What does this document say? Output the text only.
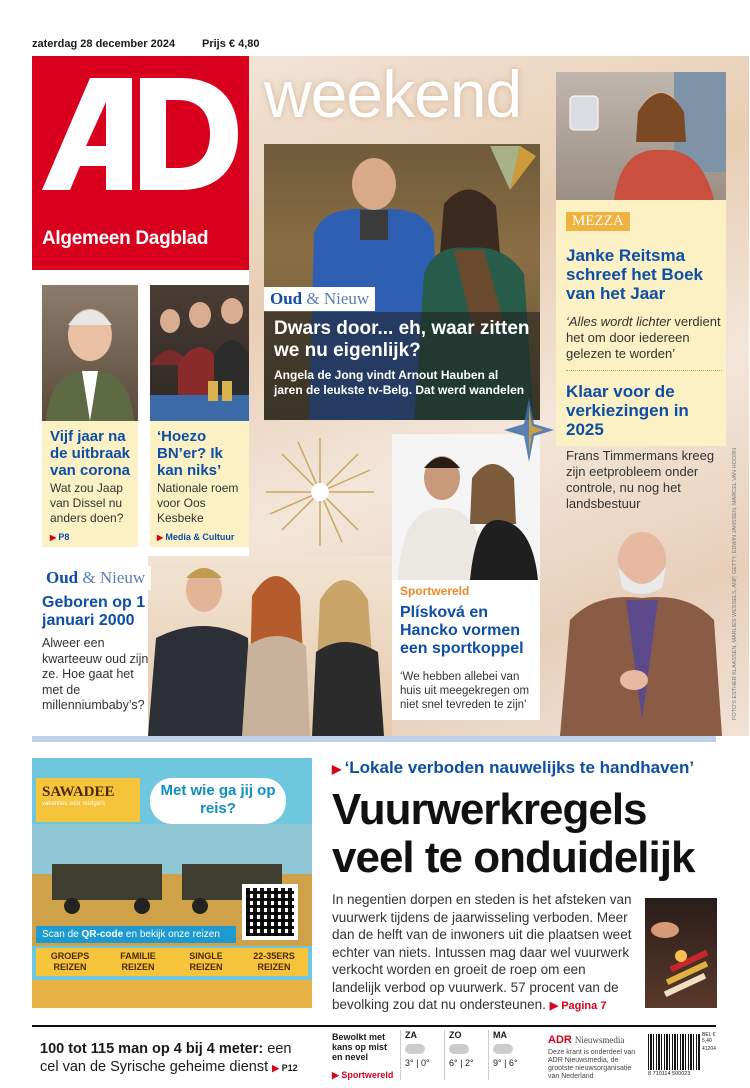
zaterdag 28 december 2024 Prijs € 4,80
Algemeen Dagblad
weekend
Oud & Nieuw
Dwars door... eh, waar zitten we nu eigenlijk?
Angela de Jong vindt Arnout Hauben al jaren de leukste tv-Belg. Dat werd wandelen
MEZZA
Janke Reitsma schreef het Boek van het Jaar
‘Alles wordt lichter verdient het om door iedereen gelezen te worden’
Klaar voor de verkiezingen in 2025
Frans Timmermans kreeg zijn eetprobleem onder controle, nu nog het landsbestuur
Vijf jaar na de uitbraak van corona
Wat zou Jaap van Dissel nu anders doen?
▶ P8
‘Hoezo BN’er? Ik kan niks’
Nationale roem voor Oos Kesbeke
▶ Media & Cultuur
Sportwereld
Plísková en Hancko vormen een sportkoppel
‘We hebben allebei van huis uit meegekregen om niet snel tevreden te zijn’
Oud & Nieuw
Geboren op 1 januari 2000
Alweer een kwarteeuw oud zijn ze. Hoe gaat het met de millenniumbaby’s?	FOTO'S ESTHER KLAASSEN, MARLIES WESSELS, ANP, GETTY, EDWIN JANSSEN, MARCEL VAN HOORN
SAWADEE
vakanties voor reizigers
Met wie ga jij op reis?
Scan de QR-code en bekijk onze reizen
GROEPS REIZEN
FAMILIE REIZEN
SINGLE REIZEN
22-35ERS REIZEN
▶ ‘Lokale verboden nauwelijks te handhaven’
Vuurwerkregels veel te onduidelijk
In negentien dorpen en steden is het afsteken van vuurwerk tijdens de jaarwisseling verboden. Meer dan de helft van de inwoners uit die plaatsen weet echter van niets. Intussen mag daar wel vuurwerk verkocht worden en groeit de roep om een landelijk verbod op vuurwerk. 57 procent van de bevolking zou dat nu ondersteunen. ▶ Pagina 7
100 tot 115 man op 4 bij 4 meter: een cel van de Syrische geheime dienst ▶ P12
Bewolkt met kans op mist en nevel
▶ Sportwereld
ZA
3° | 0°
ZO
6° | 2°
MA
9° | 6°
ADR Nieuwsmedia
Deze krant is onderdeel van ADR Nieuwsmedia, de grootste nieuwsorganisatie van Nederland
BEL € 5,40
41204
8 710114 500023
